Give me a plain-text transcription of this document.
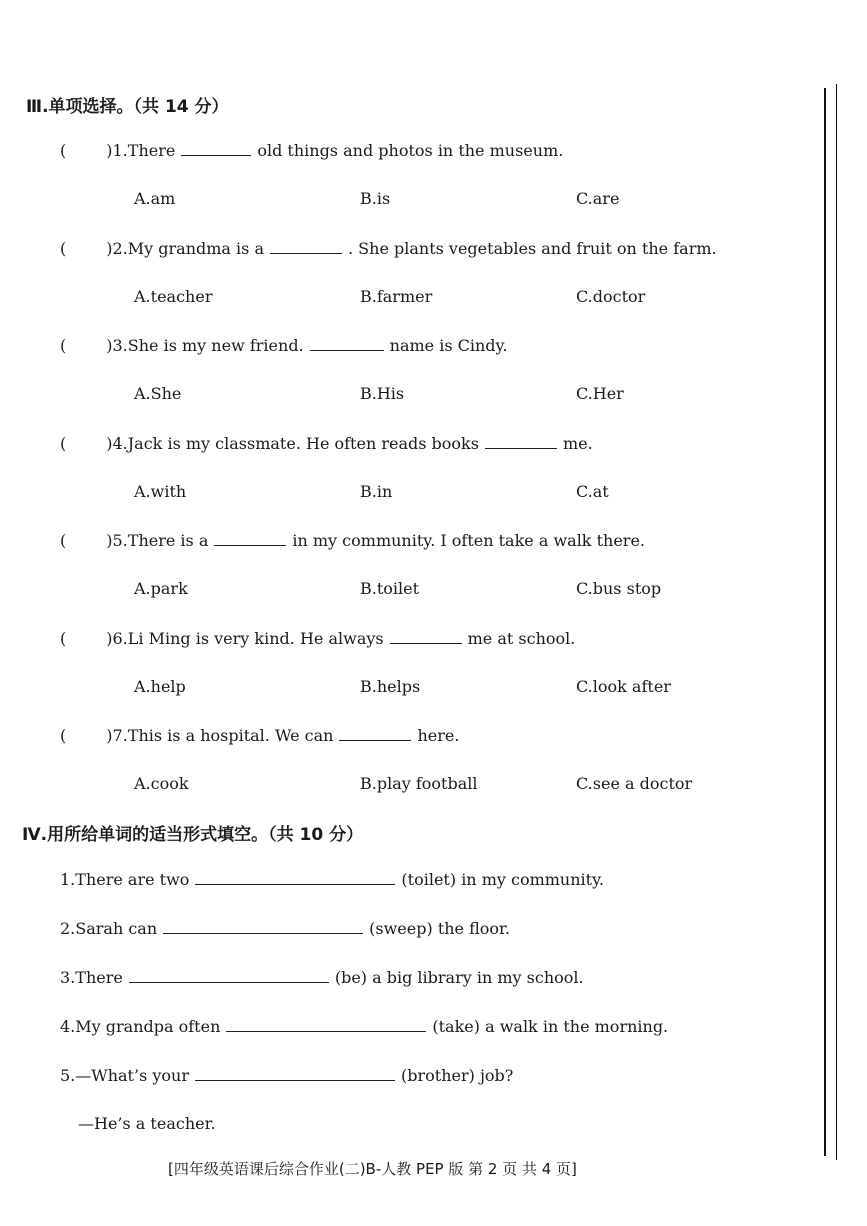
Ⅲ.单项选择。（共 14 分）
(	)1.There	old things and photos in the museum.
A.am	B.is	C.are
(	)2.My grandma is a	. She plants vegetables and fruit on the farm.
A.teacher	B.farmer	C.doctor
(	)3.She is my new friend.	name is Cindy.
A.She	B.His	C.Her
(	)4.Jack is my classmate. He often reads books	me.
A.with	B.in	C.at
(	)5.There is a	in my community. I often take a walk there.
A.park	B.toilet	C.bus stop
(	)6.Li Ming is very kind. He always	me at school.
A.help	B.helps	C.look after
(	)7.This is a hospital. We can	here.
A.cook	B.play football	C.see a doctor
Ⅳ.用所给单词的适当形式填空。（共 10 分）
1.There are two	(toilet) in my community.
2.Sarah can	(sweep) the floor.
3.There	(be) a big library in my school.
4.My grandpa often	(take) a walk in the morning.
5.—What’s your	(brother) job?
—He’s a teacher.
[四年级英语课后综合作业(二)B-人教 PEP 版 第 2 页 共 4 页]
